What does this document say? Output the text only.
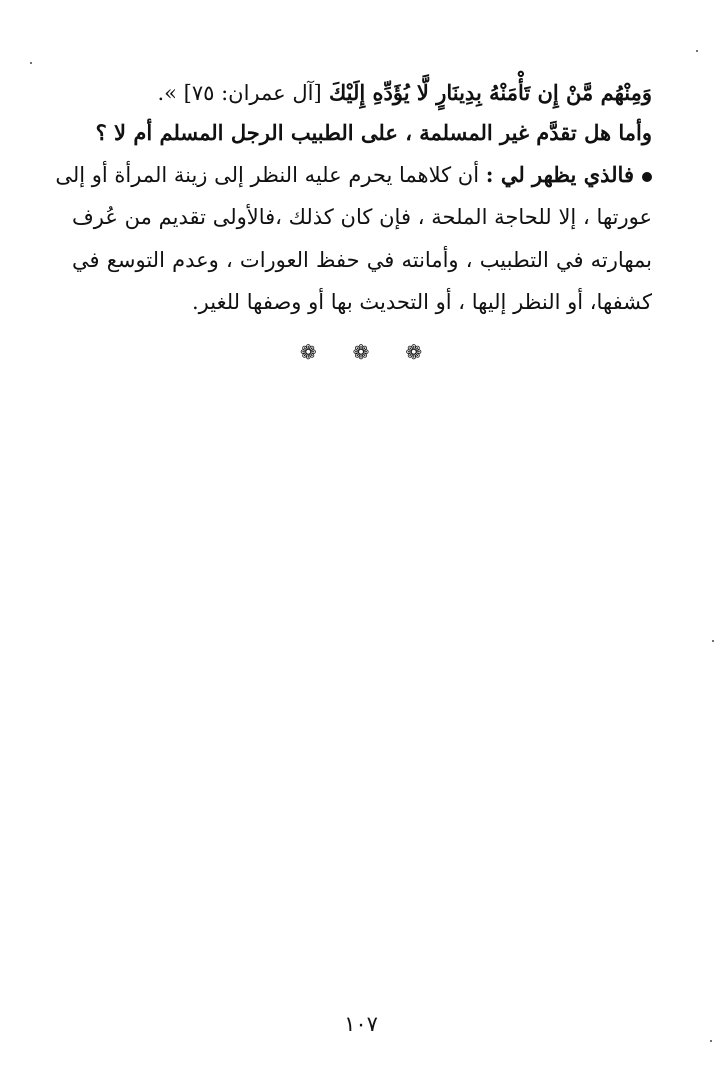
وَمِنْهُم مَّنْ إِن تَأْمَنْهُ بِدِينَارٍ لَّا يُؤَدِّهِ إِلَيْكَ [آل عمران: ٧٥] ».
وأما هل تقدَّم غير المسلمة ، على الطبيب الرجل المسلم أم لا ؟
فالذي يظهر لي : أن كلاهما يحرم عليه النظر إلى زينة المرأة أو إلى
عورتها ، إلا للحاجة الملحة ، فإن كان كذلك ،فالأولى تقديم من عُرف
بمهارته في التطبيب ، وأمانته في حفظ العورات ، وعدم التوسع في
كشفها، أو النظر إليها ، أو التحديث بها أو وصفها للغير.
❁❁❁
١٠٧
